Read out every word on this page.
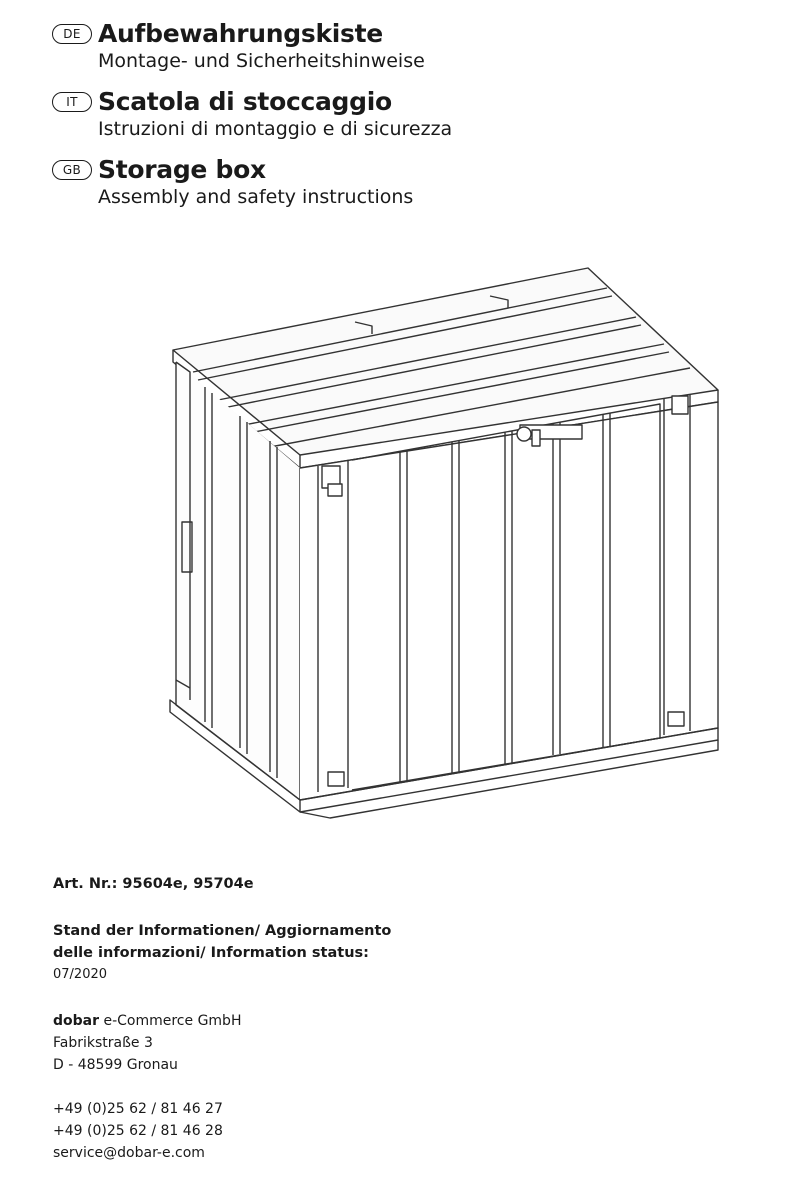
DE Aufbewahrungskiste
Montage- und Sicherheitshinweise
IT Scatola di stoccaggio
Istruzioni di montaggio e di sicurezza
GB Storage box
Assembly and safety instructions
Art. Nr.: 95604e, 95704e
Stand der Informationen/ Aggiornamento
delle informazioni/ Information status:
07/2020
dobar e-Commerce GmbH
Fabrikstraße 3
D - 48599 Gronau
+49 (0)25 62 / 81 46 27
+49 (0)25 62 / 81 46 28
service@dobar-e.com
